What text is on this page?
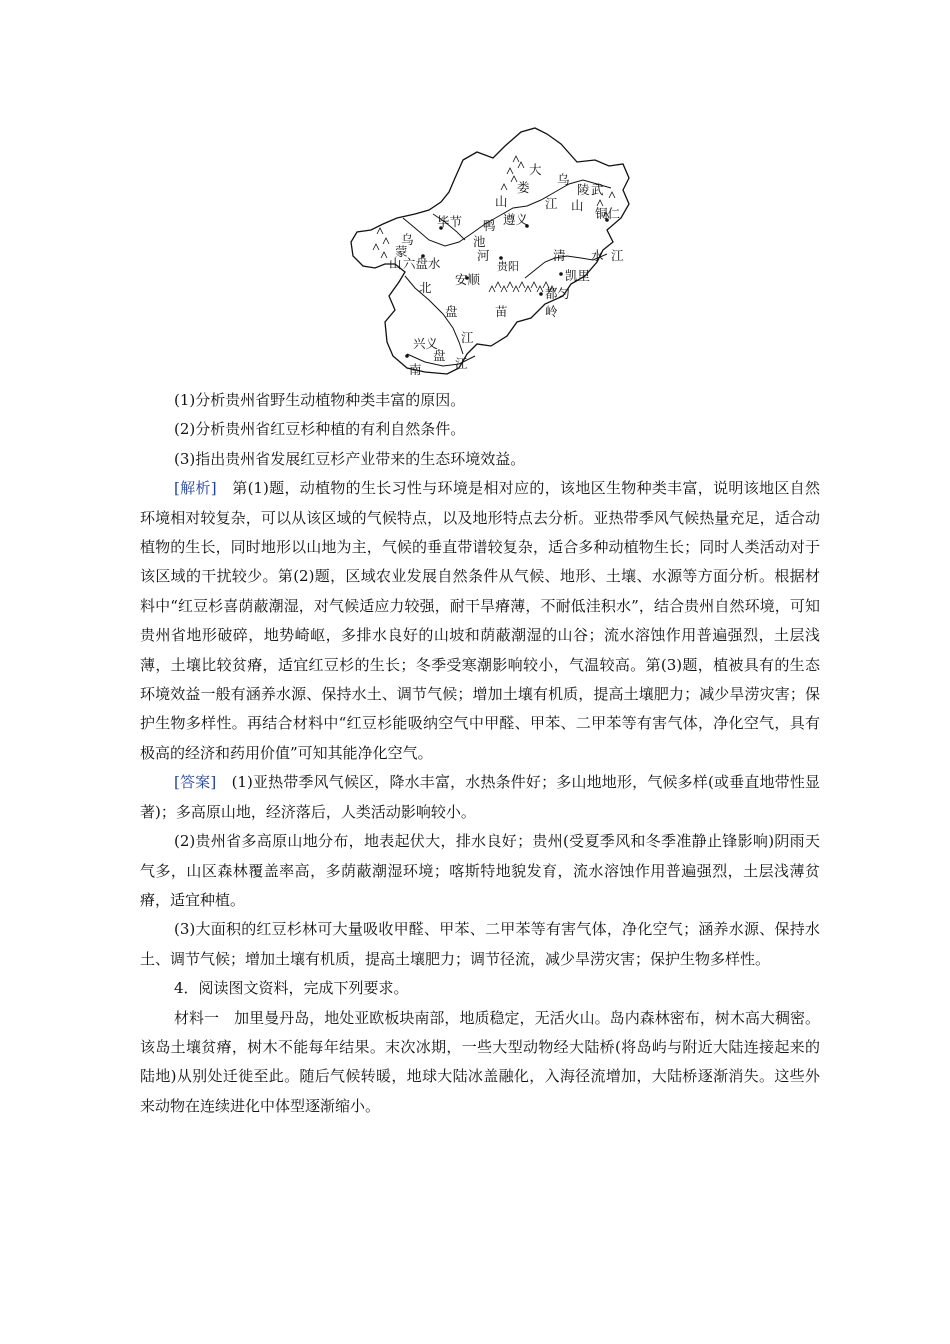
大
娄
山
乌
陵
山
江
武
铜仁
毕节 鸭 遵义
池
河
乌
蒙
山 六盘水	贵阳
清 水 江
凯里
安顺
都匀
北
盘	苗	岭
江
兴义
盘
江
南

(1)分析贵州省野生动植物种类丰富的原因。

(2)分析贵州省红豆杉种植的有利自然条件。

(3)指出贵州省发展红豆杉产业带来的生态环境效益。

[解析]　 第(1)题，动植物的生长习性与环境是相对应的，该地区生物种类丰富，说明该地区自然环境相对较复杂，可以从该区域的气候特点，以及地形特点去分析。亚热带季风气候热量充足，适合动植物的生长，同时地形以山地为主，气候的垂直带谱较复杂，适合多种动植物生长；同时人类活动对于该区域的干扰较少。第(2)题，区域农业发展自然条件从气候、地形、土壤、水源等方面分析。根据材料中“红豆杉喜荫蔽潮湿，对气候适应力较强，耐干旱瘠薄，不耐低洼积水”，结合贵州自然环境，可知贵州省地形破碎，地势崎岖，多排水良好的山坡和荫蔽潮湿的山谷；流水溶蚀作用普遍强烈，土层浅薄，土壤比较贫瘠，适宜红豆杉的生长；冬季受寒潮影响较小，气温较高。第(3)题，植被具有的生态环境效益一般有涵养水源、保持水土、调节气候；增加土壤有机质，提高土壤肥力；减少旱涝灾害；保护生物多样性。再结合材料中“红豆杉能吸纳空气中甲醛、甲苯、二甲苯等有害气体，净化空气，具有极高的经济和药用价值”可知其能净化空气。

[答案]　 (1)亚热带季风气候区，降水丰富，水热条件好；多山地地形，气候多样(或垂直地带性显著)；多高原山地，经济落后，人类活动影响较小。

(2)贵州省多高原山地分布，地表起伏大，排水良好；贵州(受夏季风和冬季准静止锋影响)阴雨天气多，山区森林覆盖率高，多荫蔽潮湿环境；喀斯特地貌发育，流水溶蚀作用普遍强烈，土层浅薄贫瘠，适宜种植。

(3)大面积的红豆杉林可大量吸收甲醛、甲苯、二甲苯等有害气体，净化空气；涵养水源、保持水土、调节气候；增加土壤有机质，提高土壤肥力；调节径流，减少旱涝灾害；保护生物多样性。

4．阅读图文资料，完成下列要求。

材料一　加里曼丹岛，地处亚欧板块南部，地质稳定，无活火山。岛内森林密布，树木高大稠密。该岛土壤贫瘠，树木不能每年结果。末次冰期，一些大型动物经大陆桥(将岛屿与附近大陆连接起来的陆地)从别处迁徙至此。随后气候转暖，地球大陆冰盖融化，入海径流增加，大陆桥逐渐消失。这些外来动物在连续进化中体型逐渐缩小。
